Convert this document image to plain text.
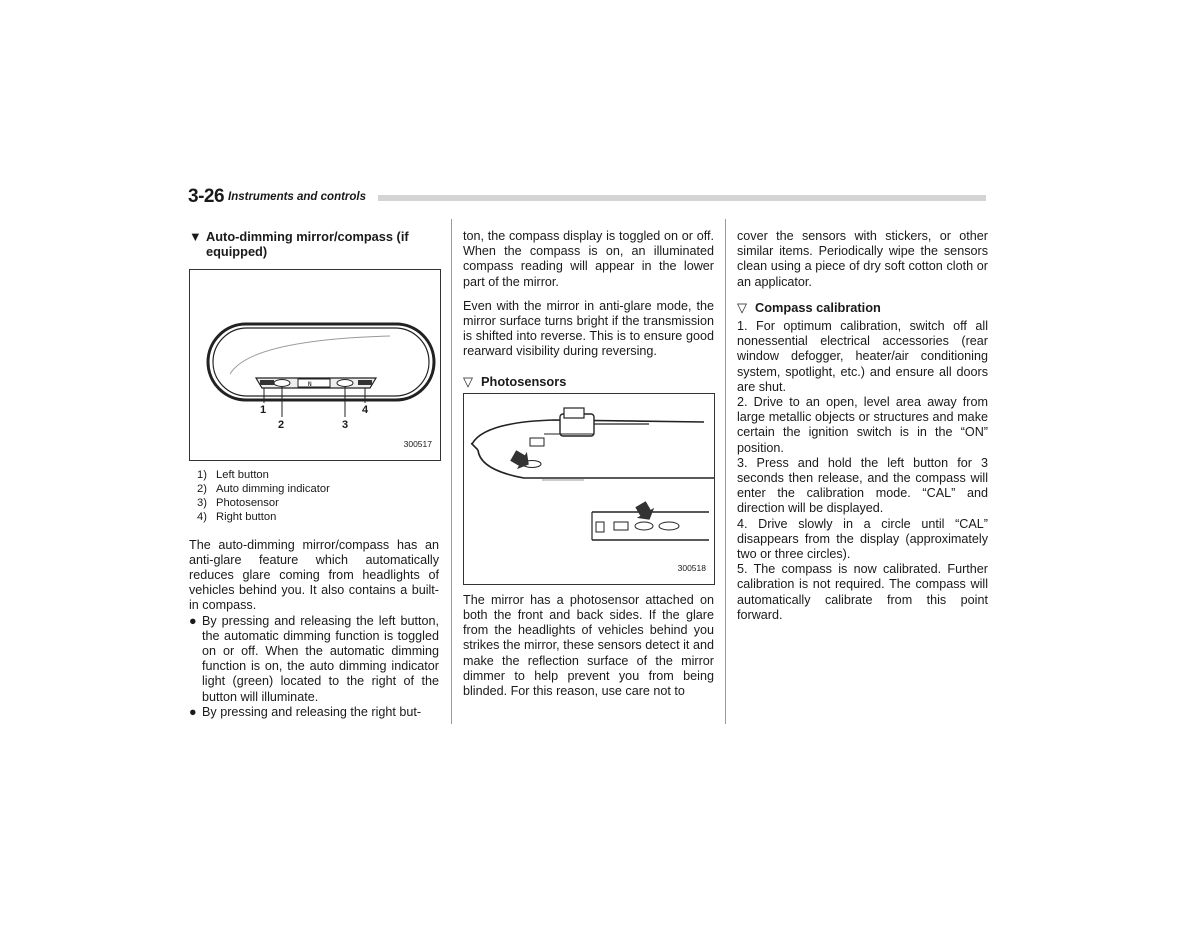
3-26 Instruments and controls
▼ Auto-dimming mirror/compass (if equipped)
N
1
2	3
4
300517
1) Left button
2) Auto dimming indicator
3) Photosensor
4) Right button

The auto-dimming mirror/compass has an anti-glare feature which automatically reduces glare coming from headlights of vehicles behind you. It also contains a built-in compass.

● By pressing and releasing the left button, the automatic dimming function is toggled on or off. When the automatic dimming function is on, the auto dimming indicator light (green) located to the right of the button will illuminate.
● By pressing and releasing the right but-

ton, the compass display is toggled on or off. When the compass is on, an illuminated compass reading will appear in the lower part of the mirror.

Even with the mirror in anti-glare mode, the mirror surface turns bright if the transmission is shifted into reverse. This is to ensure good rearward visibility during reversing.

▽ Photosensors
300518

The mirror has a photosensor attached on both the front and back sides. If the glare from the headlights of vehicles behind you strikes the mirror, these sensors detect it and make the reflection surface of the mirror dimmer to help prevent you from being blinded. For this reason, use care not to

cover the sensors with stickers, or other similar items. Periodically wipe the sensors clean using a piece of dry soft cotton cloth or an applicator.

▽ Compass calibration

1. For optimum calibration, switch off all nonessential electrical accessories (rear window defogger, heater/air conditioning system, spotlight, etc.) and ensure all doors are shut.

2. Drive to an open, level area away from large metallic objects or structures and make certain the ignition switch is in the “ON” position.

3. Press and hold the left button for 3 seconds then release, and the compass will enter the calibration mode. “CAL” and direction will be displayed.

4. Drive slowly in a circle until “CAL” disappears from the display (approximately two or three circles).

5. The compass is now calibrated. Further calibration is not required. The compass will automatically calibrate from this point forward.
